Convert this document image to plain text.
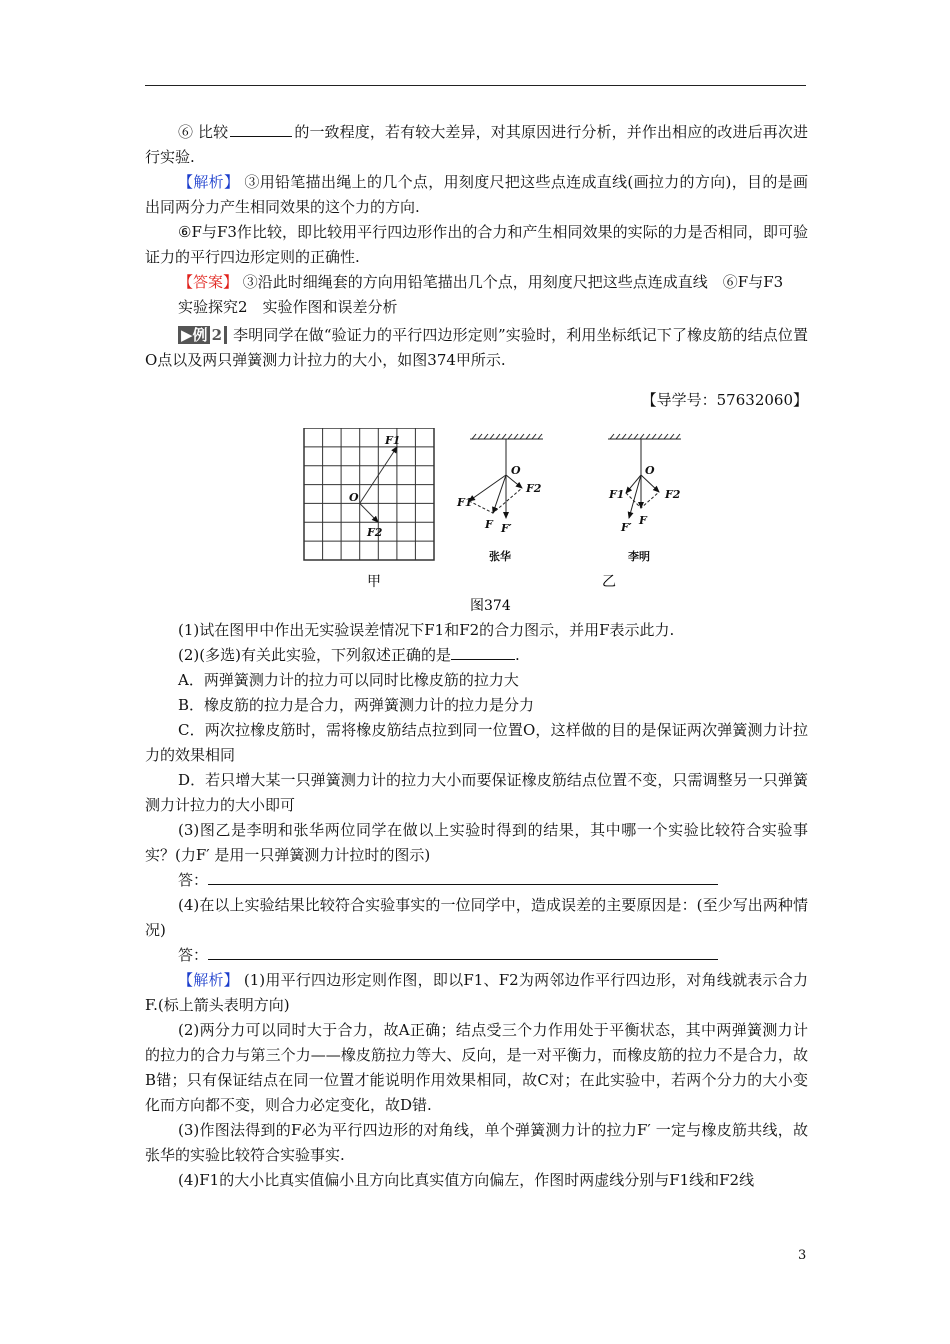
⑥ 比较	的一致程度，若有较大差异，对其原因进行分析，并作出相应的改进后再次进行实验.

【解析】 ③用铅笔描出绳上的几个点，用刻度尺把这些点连成直线(画拉力的方向)，目的是画出同两分力产生相同效果的这个力的方向.

⑥F与F3作比较，即比较用平行四边形作出的合力和产生相同效果的实际的力是否相同，即可验证力的平行四边形定则的正确性.

【答案】 ③沿此时细绳套的方向用铅笔描出几个点，用刻度尺把这些点连成直线　⑥F与F3

实验探究2　实验作图和误差分析

▶例 2 李明同学在做“验证力的平行四边形定则”实验时，利用坐标纸记下了橡皮筋的结点位置O点以及两只弹簧测力计拉力的大小，如图374甲所示.

【导学号：57632060】

F1
O
F2
O
F1
F2
F F′
张华
O
F1	F2
F
F′
李明
甲	乙
图374

(1)试在图甲中作出无实验误差情况下F1和F2的合力图示，并用F表示此力.

(2)(多选)有关此实验，下列叙述正确的是	.

A．两弹簧测力计的拉力可以同时比橡皮筋的拉力大

B．橡皮筋的拉力是合力，两弹簧测力计的拉力是分力

C．两次拉橡皮筋时，需将橡皮筋结点拉到同一位置O，这样做的目的是保证两次弹簧测力计拉力的效果相同

D．若只增大某一只弹簧测力计的拉力大小而要保证橡皮筋结点位置不变，只需调整另一只弹簧测力计拉力的大小即可

(3)图乙是李明和张华两位同学在做以上实验时得到的结果，其中哪一个实验比较符合实验事实？(力F′ 是用一只弹簧测力计拉时的图示)

答：

(4)在以上实验结果比较符合实验事实的一位同学中，造成误差的主要原因是：(至少写出两种情况)

答：

【解析】 (1)用平行四边形定则作图，即以F1、F2为两邻边作平行四边形，对角线就表示合力F.(标上箭头表明方向)

(2)两分力可以同时大于合力，故A正确；结点受三个力作用处于平衡状态，其中两弹簧测力计的拉力的合力与第三个力——橡皮筋拉力等大、反向，是一对平衡力，而橡皮筋的拉力不是合力，故B错；只有保证结点在同一位置才能说明作用效果相同，故C对；在此实验中，若两个分力的大小变化而方向都不变，则合力必定变化，故D错.

(3)作图法得到的F必为平行四边形的对角线，单个弹簧测力计的拉力F′ 一定与橡皮筋共线，故张华的实验比较符合实验事实.

(4)F1的大小比真实值偏小且方向比真实值方向偏左，作图时两虚线分别与F1线和F2线

3
